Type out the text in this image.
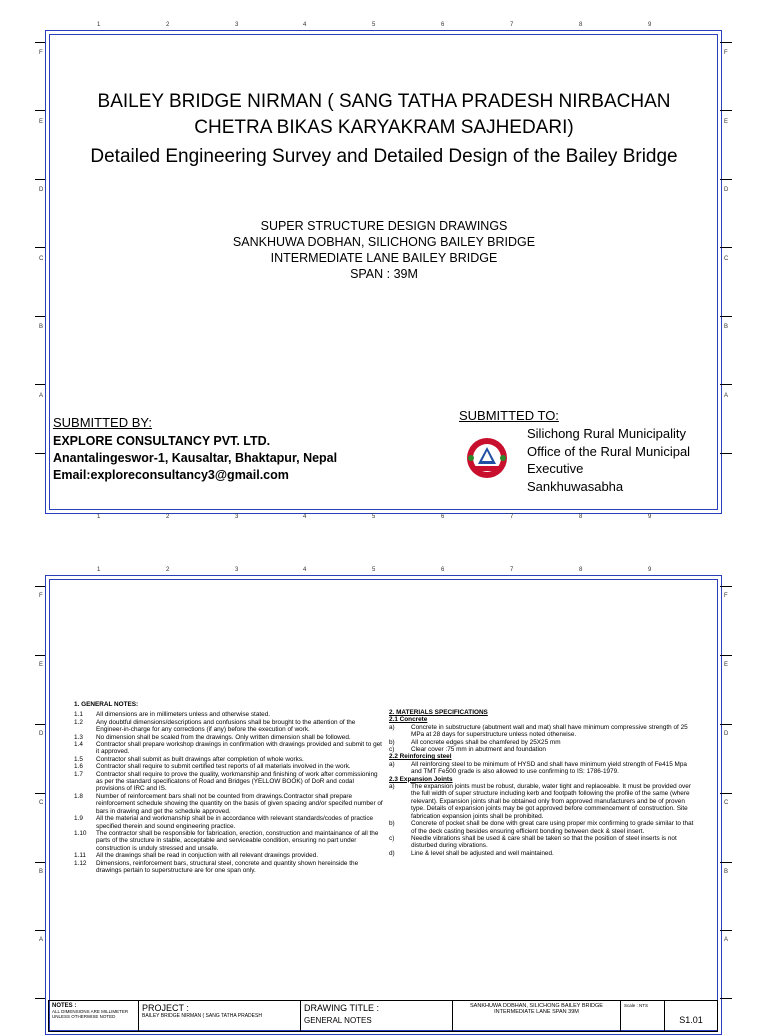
1	2	3	4	5	6	7	8	9
1	2	3	4	5	6	7	8	9
F
E
D
C
B
A
F
E
D
C
B
A
BAILEY BRIDGE NIRMAN ( SANG TATHA PRADESH NIRBACHAN
CHETRA BIKAS KARYAKRAM SAJHEDARI)
Detailed Engineering Survey and Detailed Design of the Bailey Bridge
SUPER STRUCTURE DESIGN DRAWINGS
SANKHUWA DOBHAN, SILICHONG BAILEY BRIDGE
INTERMEDIATE LANE BAILEY BRIDGE
SPAN : 39M
SUBMITTED BY:
EXPLORE CONSULTANCY PVT. LTD.
Anantalingeswor-1, Kausaltar, Bhaktapur, Nepal
Email:exploreconsultancy3@gmail.com
SUBMITTED TO:
Silichong Rural Municipality
Office of the Rural Municipal
Executive
Sankhuwasabha
1	2	3	4	5	6	7	8	9
F
E
D
C
B
A
F
E
D
C
B
A
1. GENERAL NOTES:
1.1	All dimensions are in millimeters unless and otherwise stated.
1.2	Any doubtful dimensions/descriptions and confusions shall be brought to the attention of the Engineer-in-charge for any corrections (if any) before the execution of work.
1.3	No dimension shall be scaled from the drawings. Only written dimension shall be followed.
1.4	Contractor shall prepare workshop drawings in confirmation with drawings provided and submit to get it approved.
1.5	Contractor shall submit as built drawings after completion of whole works.
1.6	Contractor shall require to submit certified test reports of all materials involved in the work.
1.7	Contractor shall require to prove the quality, workmanship and finishing of work after commissioning as per the standard specificatons of Road and Bridges (YELLOW BOOK) of DoR and codal provisions of IRC and IS.
1.8	Number of reinforcement bars shall not be counted from drawings.Contractor shall prepare reinforcement schedule showing the quantity on the basis of given spacing and/or specifed number of bars in drawing and get the schedule approved.
1.9	All the material and workmanship shall be in accordance with relevant standards/codes of practice specified therein and sound engineering practice.
1.10	The contractor shall be responsible for fabrication, erection, construction and maintainance of all the parts of the structure in stable, acceptable and serviceable condition, ensuring no part under construction is unduly stressed and unsafe.
1.11	All the drawings shall be read in conjuction with all relevant drawings provided.
1.12	Dimensions, reinforcement bars, structural steel, concrete and quantity shown hereinside the drawings pertain to superstructure are for one span only.
2. MATERIALS SPECIFICATIONS
2.1 Concrete
a)	Concrete in substructure (abutment wall and mat) shall have minimum compressive strength of 25 MPa at 28 days for superstructure unless noted otherwise.
b)	All concrete edges shall be chamfered by 25X25 mm
c)	Clear cover :75 mm in abutment and foundation
2.2 Reinforcing steel
a)	All reinforcing steel to be minimum of HYSD and shall have minimum yield strength of Fe415 Mpa and TMT Fe500 grade is also allowed to use confirming to IS: 1786-1979.
2.3 Expansion Joints
a)	The expansion joints must be robust, durable, water tight and replaceable. It must be provided over the full width of super structure including kerb and footpath following the profile of the same (where relevant). Expansion joints shall be obtained only from approved manufacturers and be of proven type. Details of expansion joints may be got approved before commencement of construction. Site fabrication expansion joints shall be prohibited.
b)	Concrete of pocket shall be done with great care using proper mix confirming to grade similar to that of the deck casting besides ensuring efficient bonding between deck & steel insert.
c)	Needle vibrations shall be used & care shall be taken so that the position of steel inserts is not disturbed during vibrations.
d)	Line & level shall be adjusted and well maintained.
NOTES :
ALL DIMENSIONS ARE MILLIMETER UNLESS OTHERWISE NOTED
PROJECT :
BAILEY BRIDGE NIRMAN ( SANG TATHA PRADESH
DRAWING TITLE :
GENERAL NOTES
SANKHUWA DOBHAN, SILICHONG BAILEY BRIDGE
INTERMEDIATE LANE SPAN 39M
Scale : NTS
S1.01
